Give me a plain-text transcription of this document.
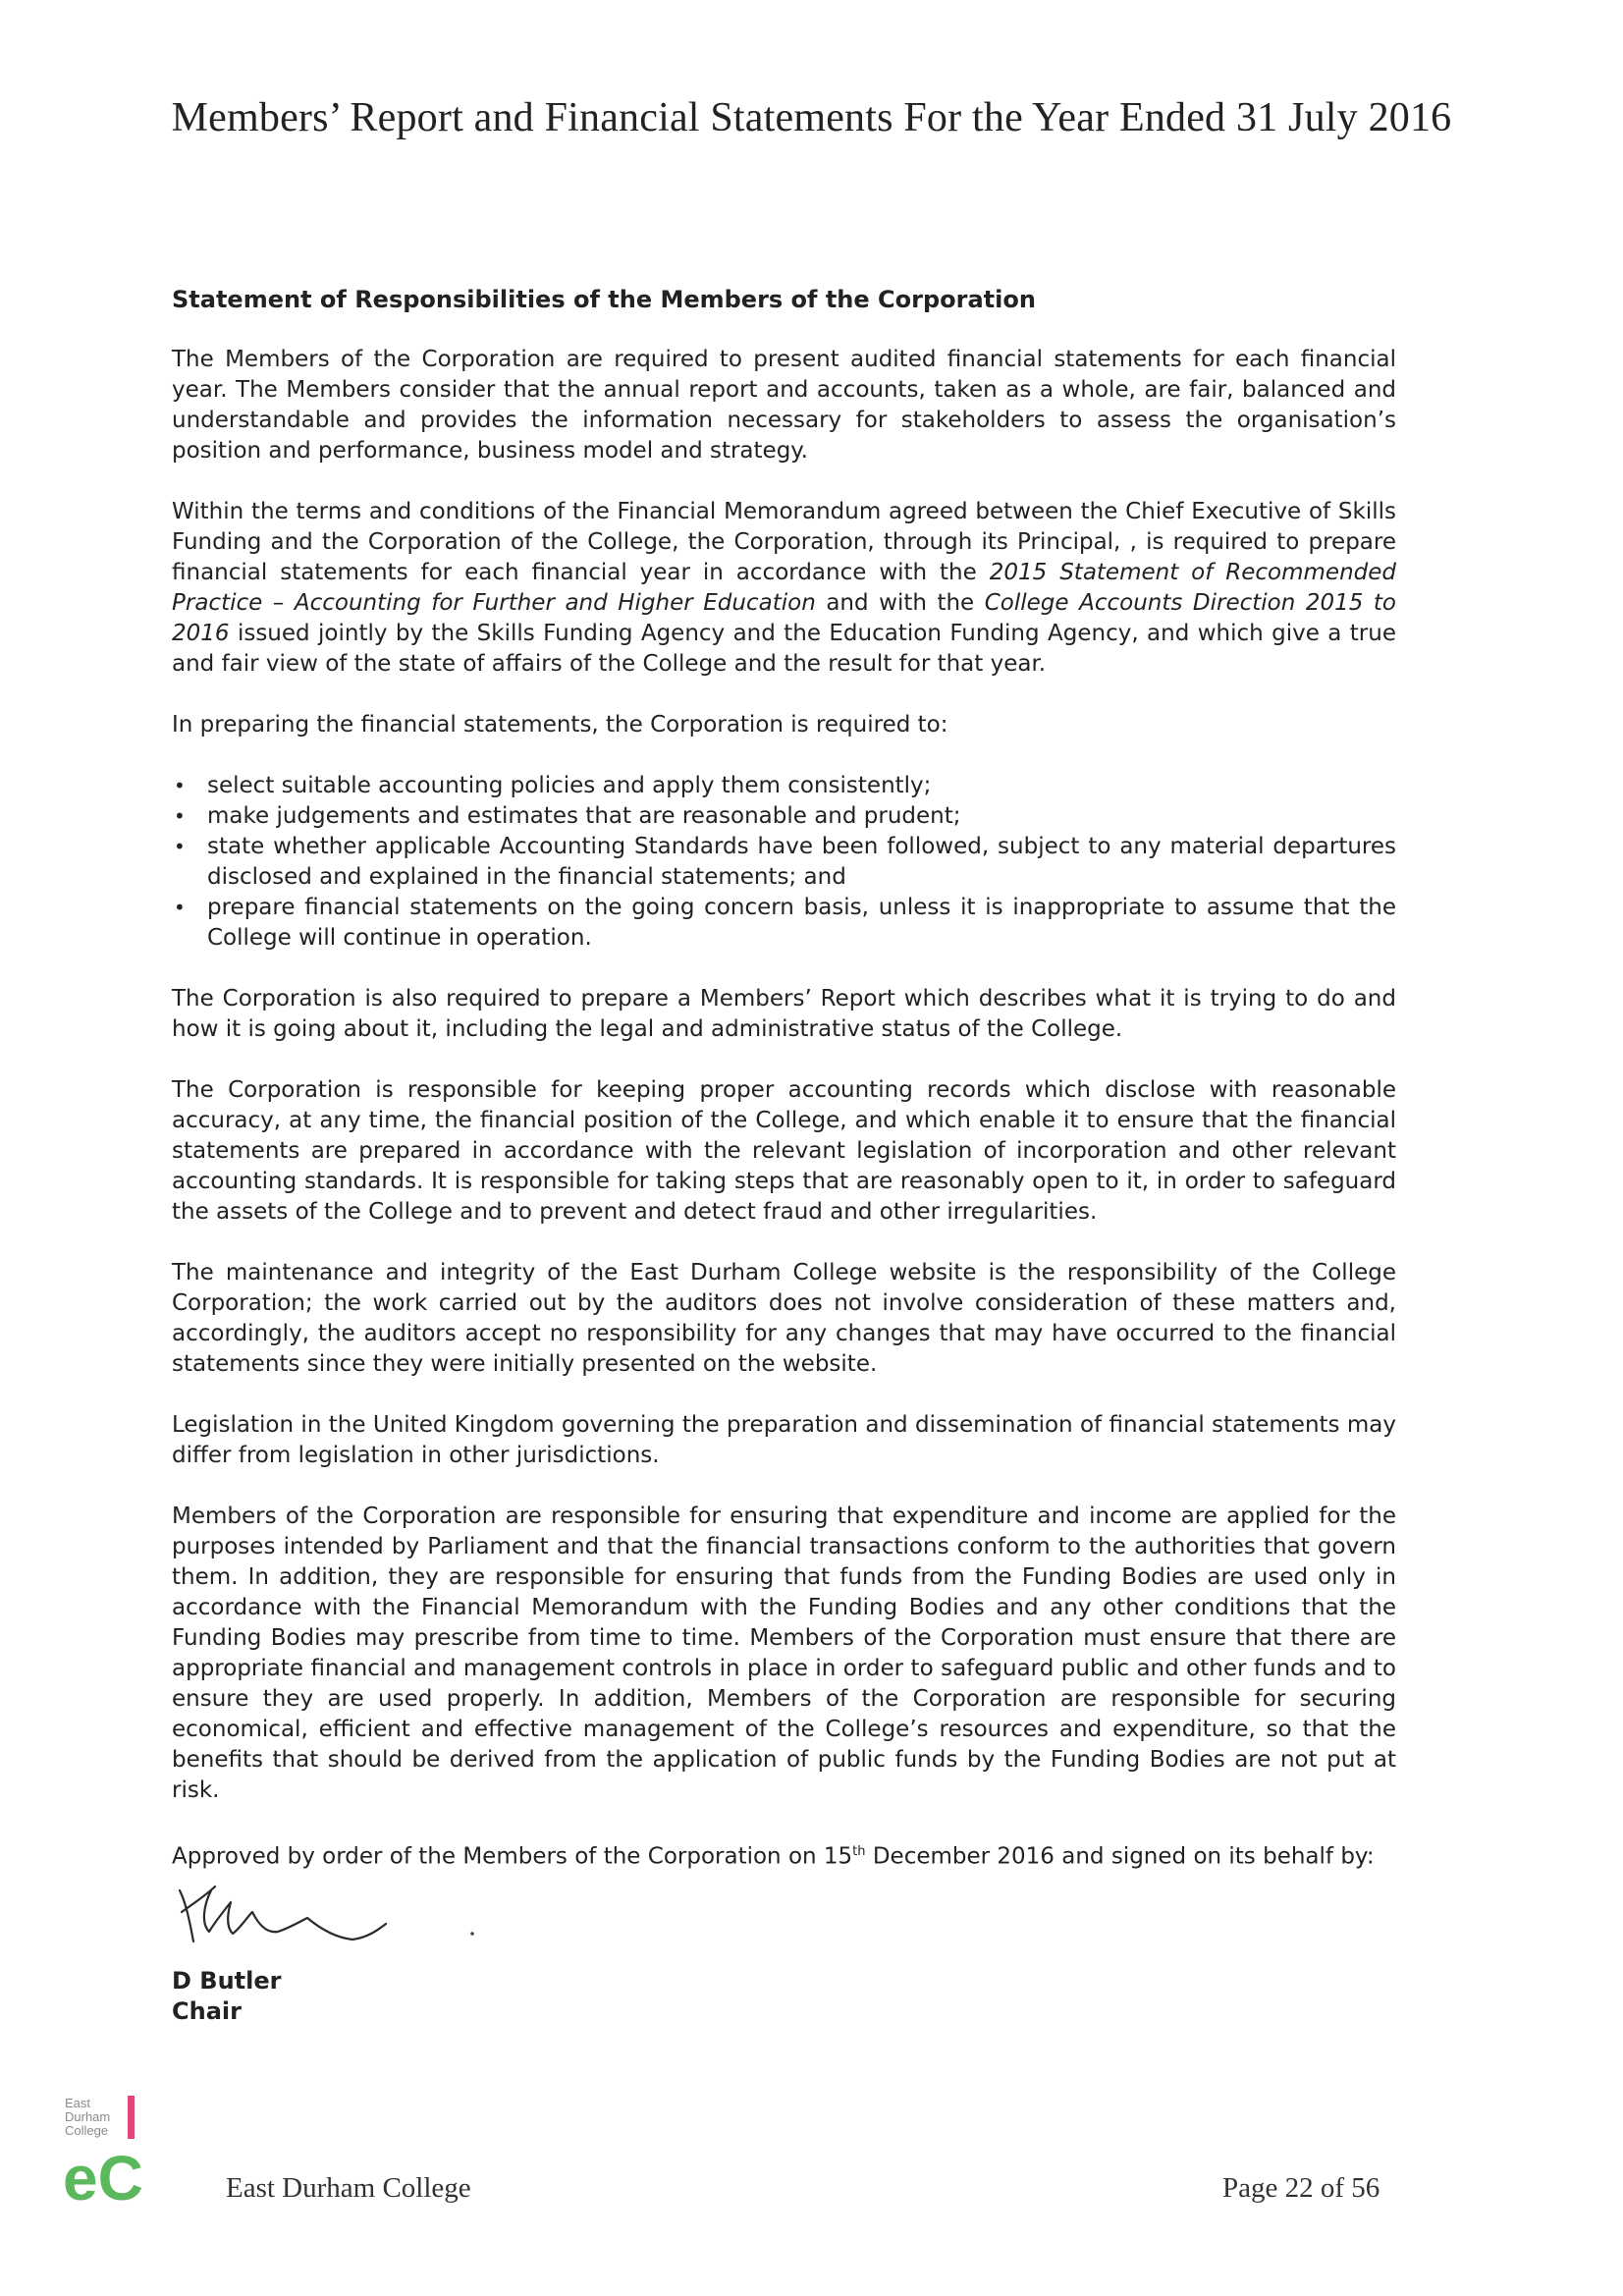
Members’ Report and Financial Statements For the Year Ended 31 July 2016
Statement of Responsibilities of the Members of the Corporation

The Members of the Corporation are required to present audited financial statements for each financial year. The Members consider that the annual report and accounts, taken as a whole, are fair, balanced and understandable and provides the information necessary for stakeholders to assess the organisation’s position and performance, business model and strategy.

Within the terms and conditions of the Financial Memorandum agreed between the Chief Executive of Skills Funding and the Corporation of the College, the Corporation, through its Principal, , is required to prepare financial statements for each financial year in accordance with the 2015 Statement of Recommended Practice – Accounting for Further and Higher Education and with the College Accounts Direction 2015 to 2016 issued jointly by the Skills Funding Agency and the Education Funding Agency, and which give a true and fair view of the state of affairs of the College and the result for that year.

In preparing the financial statements, the Corporation is required to:

• select suitable accounting policies and apply them consistently;
• make judgements and estimates that are reasonable and prudent;
• state whether applicable Accounting Standards have been followed, subject to any material departures disclosed and explained in the financial statements; and
• prepare financial statements on the going concern basis, unless it is inappropriate to assume that the College will continue in operation.

The Corporation is also required to prepare a Members’ Report which describes what it is trying to do and how it is going about it, including the legal and administrative status of the College.

The Corporation is responsible for keeping proper accounting records which disclose with reasonable accuracy, at any time, the financial position of the College, and which enable it to ensure that the financial statements are prepared in accordance with the relevant legislation of incorporation and other relevant accounting standards. It is responsible for taking steps that are reasonably open to it, in order to safeguard the assets of the College and to prevent and detect fraud and other irregularities.

The maintenance and integrity of the East Durham College website is the responsibility of the College Corporation; the work carried out by the auditors does not involve consideration of these matters and, accordingly, the auditors accept no responsibility for any changes that may have occurred to the financial statements since they were initially presented on the website.

Legislation in the United Kingdom governing the preparation and dissemination of financial statements may differ from legislation in other jurisdictions.

Members of the Corporation are responsible for ensuring that expenditure and income are applied for the purposes intended by Parliament and that the financial transactions conform to the authorities that govern them. In addition, they are responsible for ensuring that funds from the Funding Bodies are used only in accordance with the Financial Memorandum with the Funding Bodies and any other conditions that the Funding Bodies may prescribe from time to time. Members of the Corporation must ensure that there are appropriate financial and management controls in place in order to safeguard public and other funds and to ensure they are used properly. In addition, Members of the Corporation are responsible for securing economical, efficient and effective management of the College’s resources and expenditure, so that the benefits that should be derived from the application of public funds by the Funding Bodies are not put at risk.

Approved by order of the Members of the Corporation on 15th December 2016 and signed on its behalf by:

D Butler
Chair
East
Durham
College
eC	East Durham College	Page 22 of 56
